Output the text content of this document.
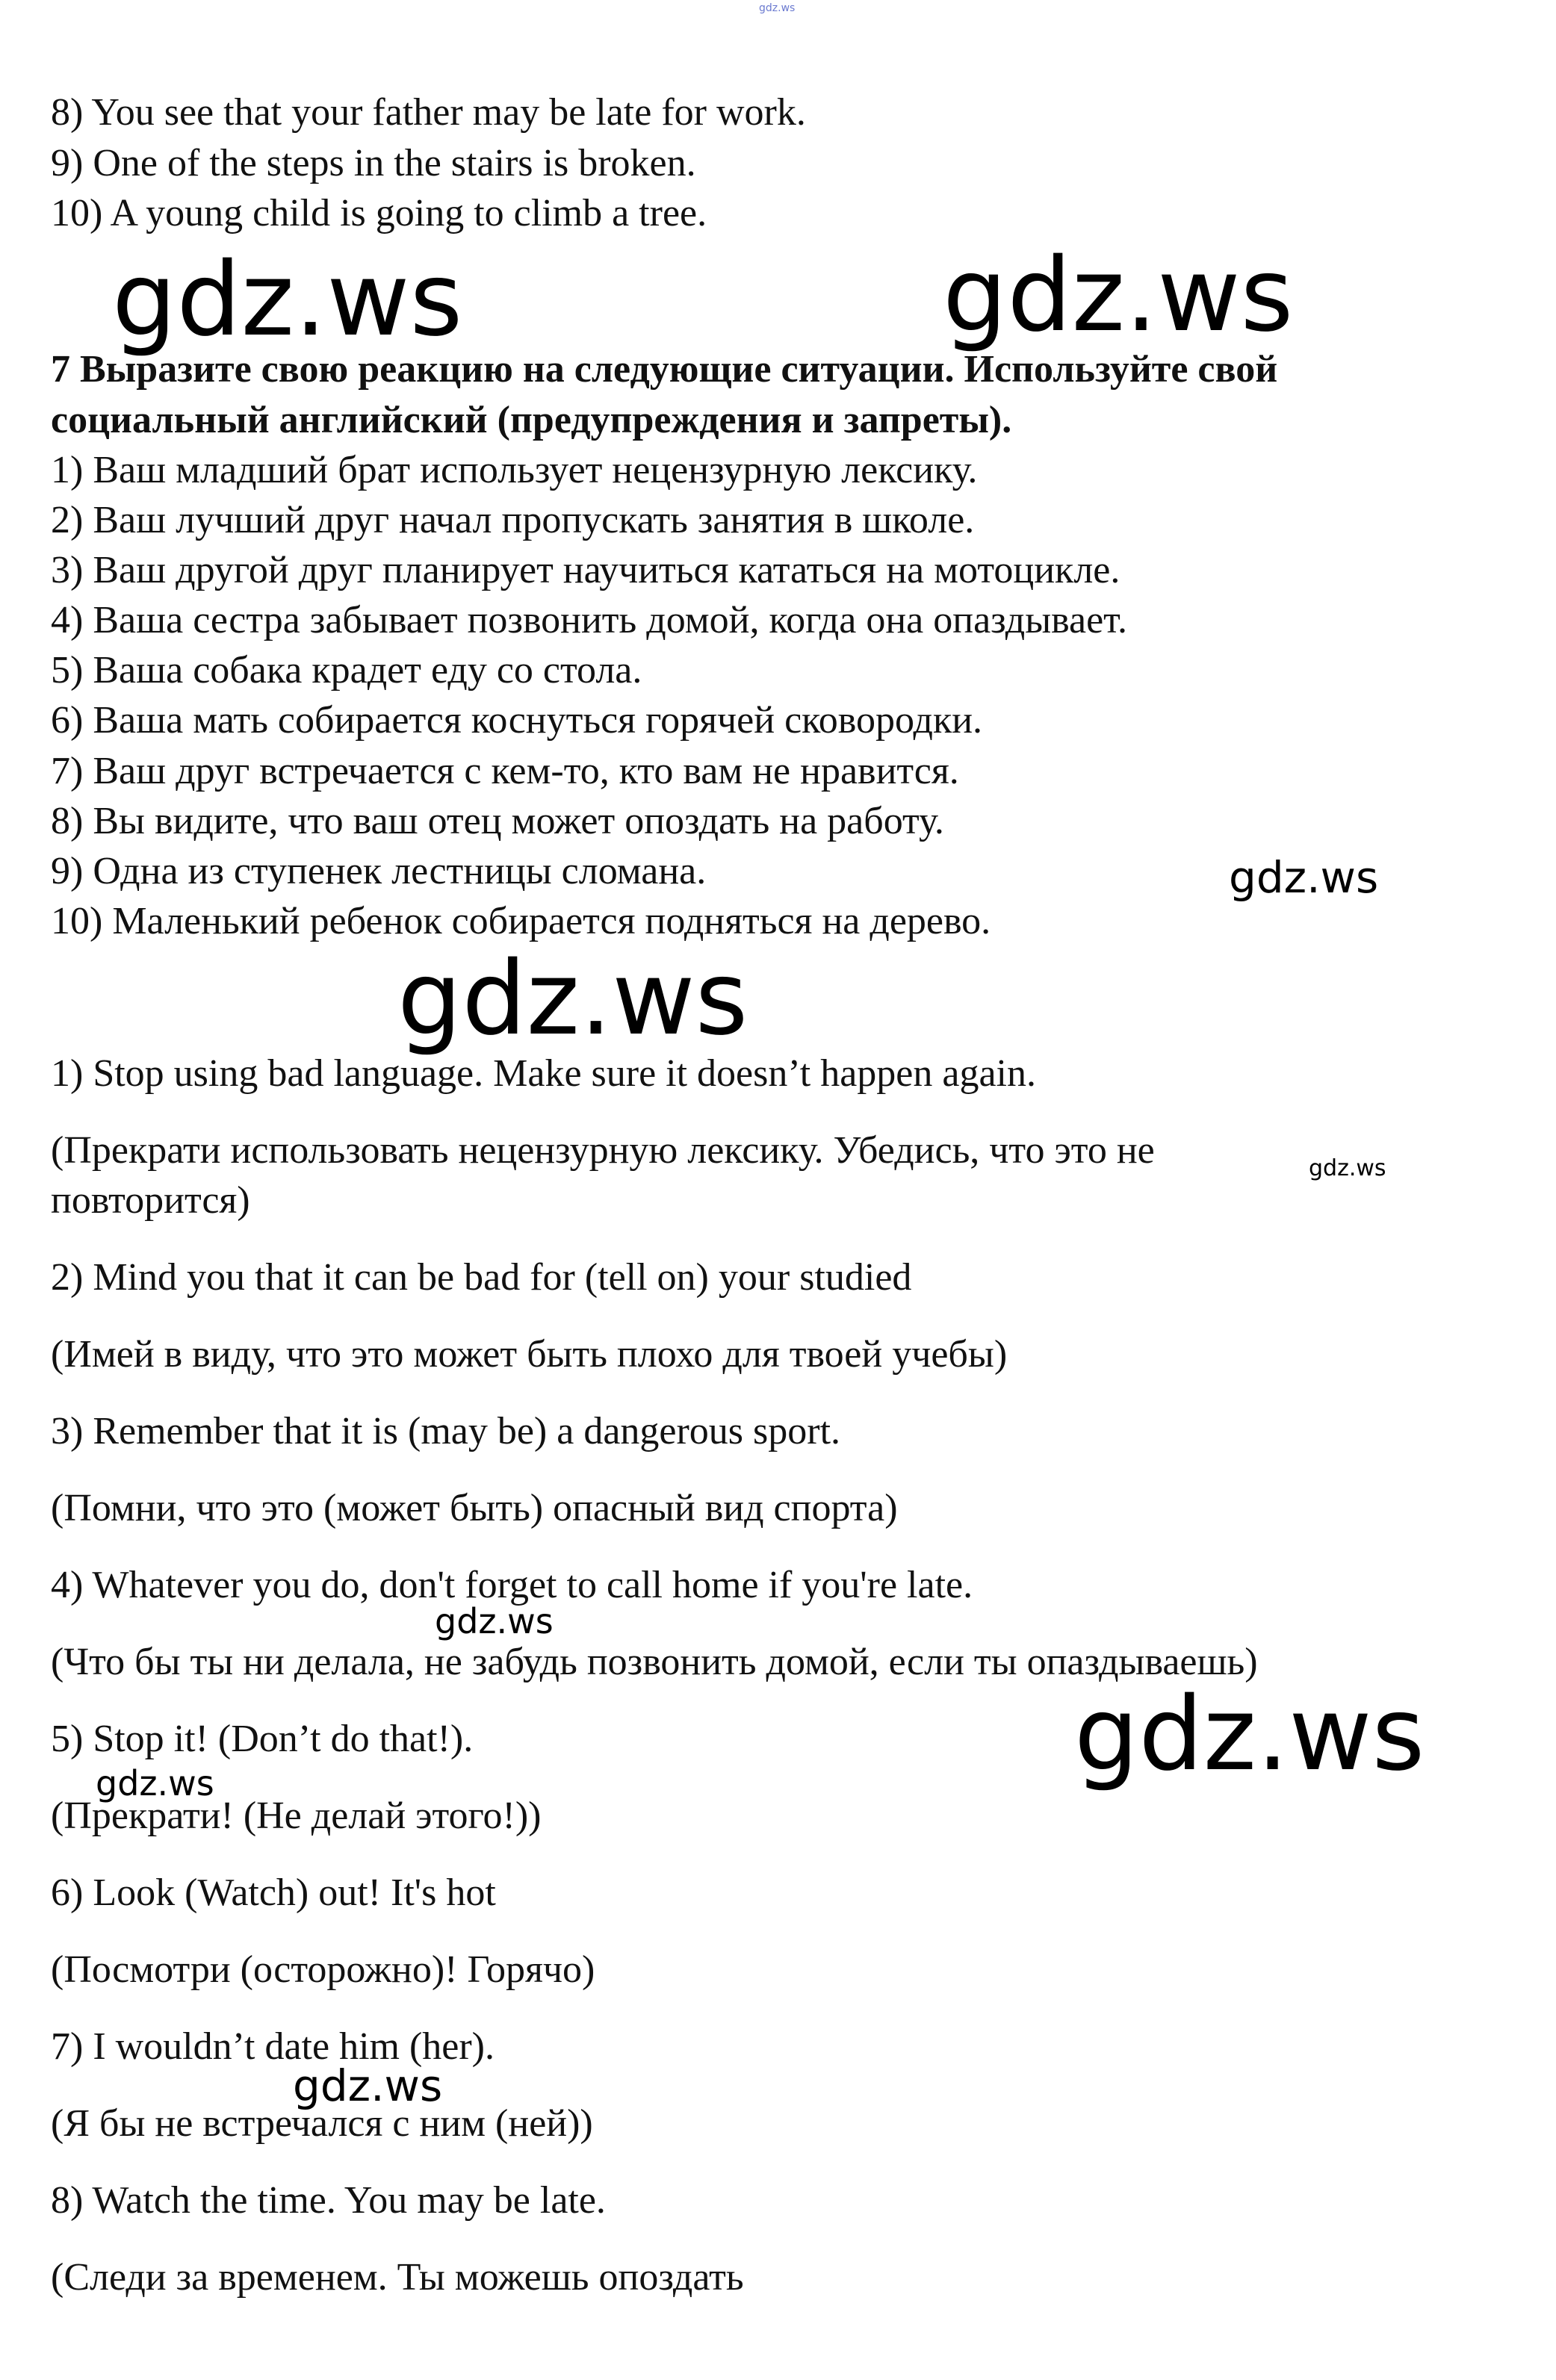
gdz.ws
8) You see that your father may be late for work.
9) One of the steps in the stairs is broken.
10) A young child is going to climb a tree.
gdz.ws	gdz.ws
7 Выразите свою реакцию на следующие ситуации. Используйте свой
социальный английский (предупреждения и запреты).
1) Ваш младший брат использует нецензурную лексику.
2) Ваш лучший друг начал пропускать занятия в школе.
3) Ваш другой друг планирует научиться кататься на мотоцикле.
4) Ваша сестра забывает позвонить домой, когда она опаздывает.
5) Ваша собака крадет еду со стола.
6) Ваша мать собирается коснуться горячей сковородки.
7) Ваш друг встречается с кем-то, кто вам не нравится.
8) Вы видите, что ваш отец может опоздать на работу.
9) Одна из ступенек лестницы сломана.
10) Маленький ребенок собирается подняться на дерево.
gdz.ws
gdz.ws
1) Stop using bad language. Make sure it doesn’t happen again.
(Прекрати использовать нецензурную лексику. Убедись, что это не	gdz.ws
повторится)
2) Mind you that it can be bad for (tell on) your studied
(Имей в виду, что это может быть плохо для твоей учебы)
3) Remember that it is (may be) a dangerous sport.
(Помни, что это (может быть) опасный вид спорта)
4) Whatever you do, don't forget to call home if you're late.
gdz.ws
(Что бы ты ни делала, не забудь позвонить домой, если ты опаздываешь)
5) Stop it! (Don’t do that!).	gdz.ws
gdz.ws
(Прекрати! (Не делай этого!))
6) Look (Watch) out! It's hot
(Посмотри (осторожно)! Горячо)
7) I wouldn’t date him (her).
gdz.ws
(Я бы не встречался с ним (ней))
8) Watch the time. You may be late.
(Следи за временем. Ты можешь опоздать
